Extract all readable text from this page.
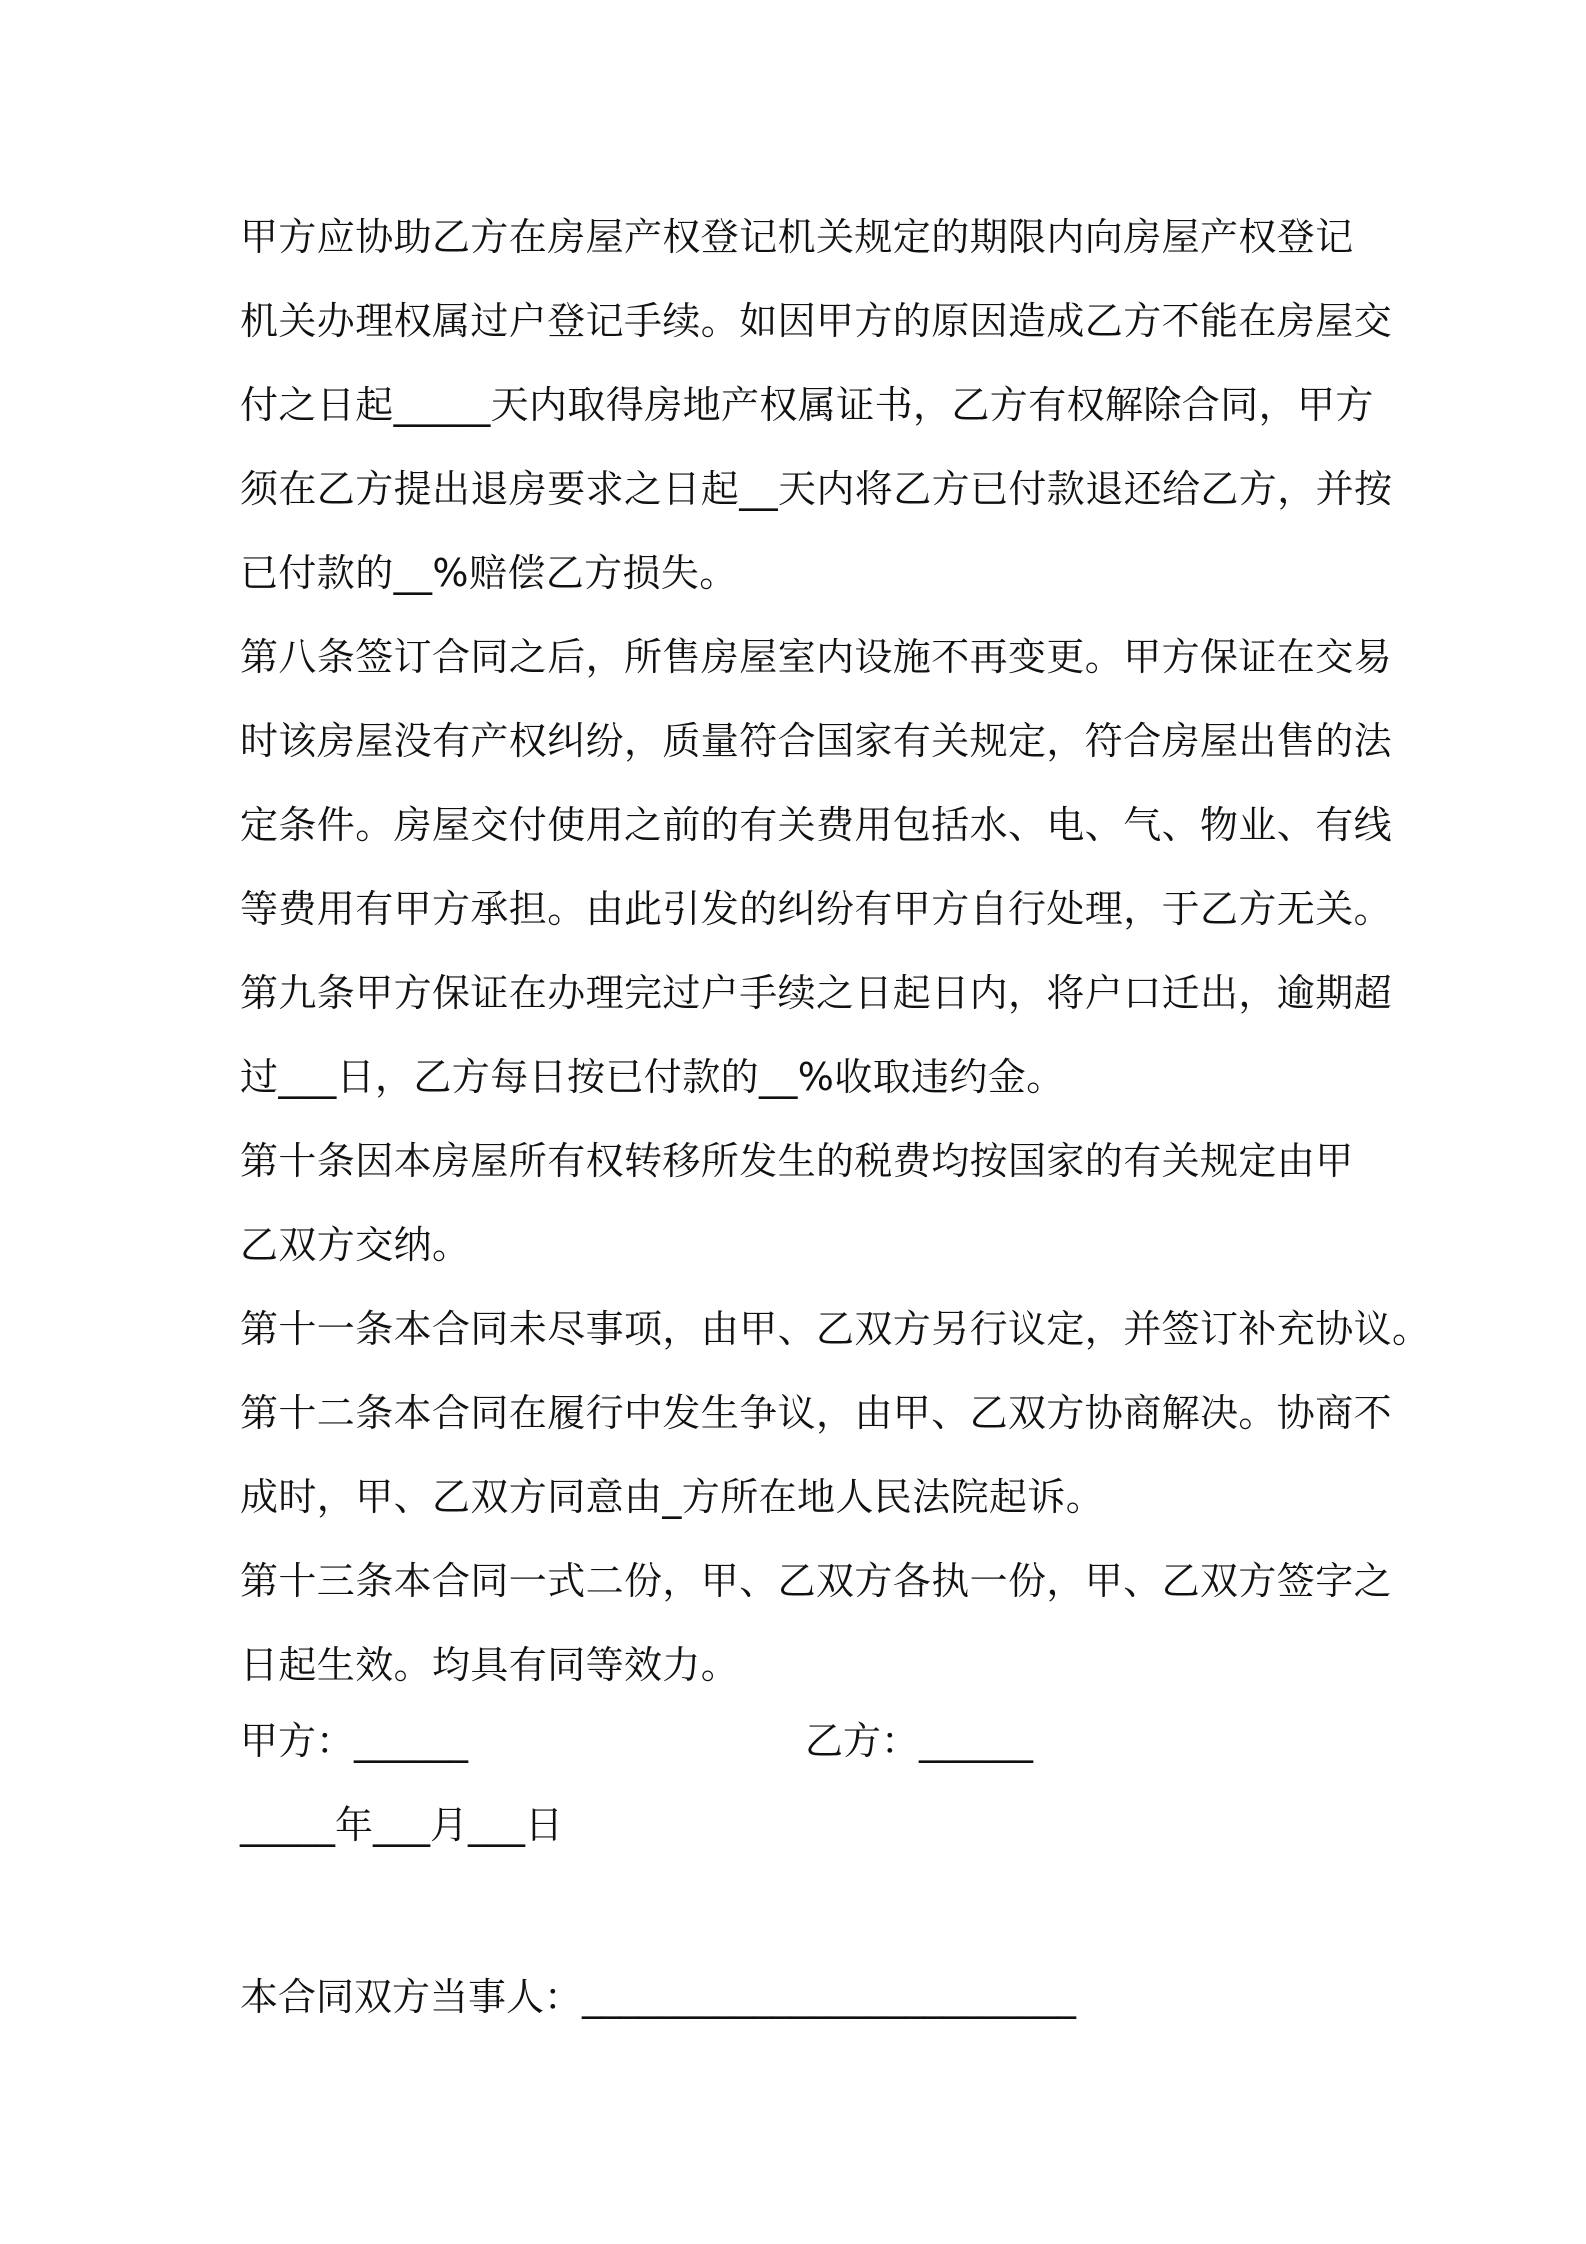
甲方应协助乙方在房屋产权登记机关规定的期限内向房屋产权登记
机关办理权属过户登记手续。如因甲方的原因造成乙方不能在房屋交
付之日起_____天内取得房地产权属证书，乙方有权解除合同，甲方
须在乙方提出退房要求之日起__天内将乙方已付款退还给乙方，并按
已付款的__%赔偿乙方损失。
第八条签订合同之后，所售房屋室内设施不再变更。甲方保证在交易
时该房屋没有产权纠纷，质量符合国家有关规定，符合房屋出售的法
定条件。房屋交付使用之前的有关费用包括水、电、气、物业、有线
等费用有甲方承担。由此引发的纠纷有甲方自行处理，于乙方无关。
第九条甲方保证在办理完过户手续之日起日内，将户口迁出，逾期超
过___日，乙方每日按已付款的__%收取违约金。
第十条因本房屋所有权转移所发生的税费均按国家的有关规定由甲
乙双方交纳。
第十一条本合同未尽事项，由甲、乙双方另行议定，并签订补充协议。
第十二条本合同在履行中发生争议，由甲、乙双方协商解决。协商不
成时，甲、乙双方同意由_方所在地人民法院起诉。
第十三条本合同一式二份，甲、乙双方各执一份，甲、乙双方签字之
日起生效。均具有同等效力。
甲方：______	乙方：______
_____年___月___日
本合同双方当事人：__________________________
